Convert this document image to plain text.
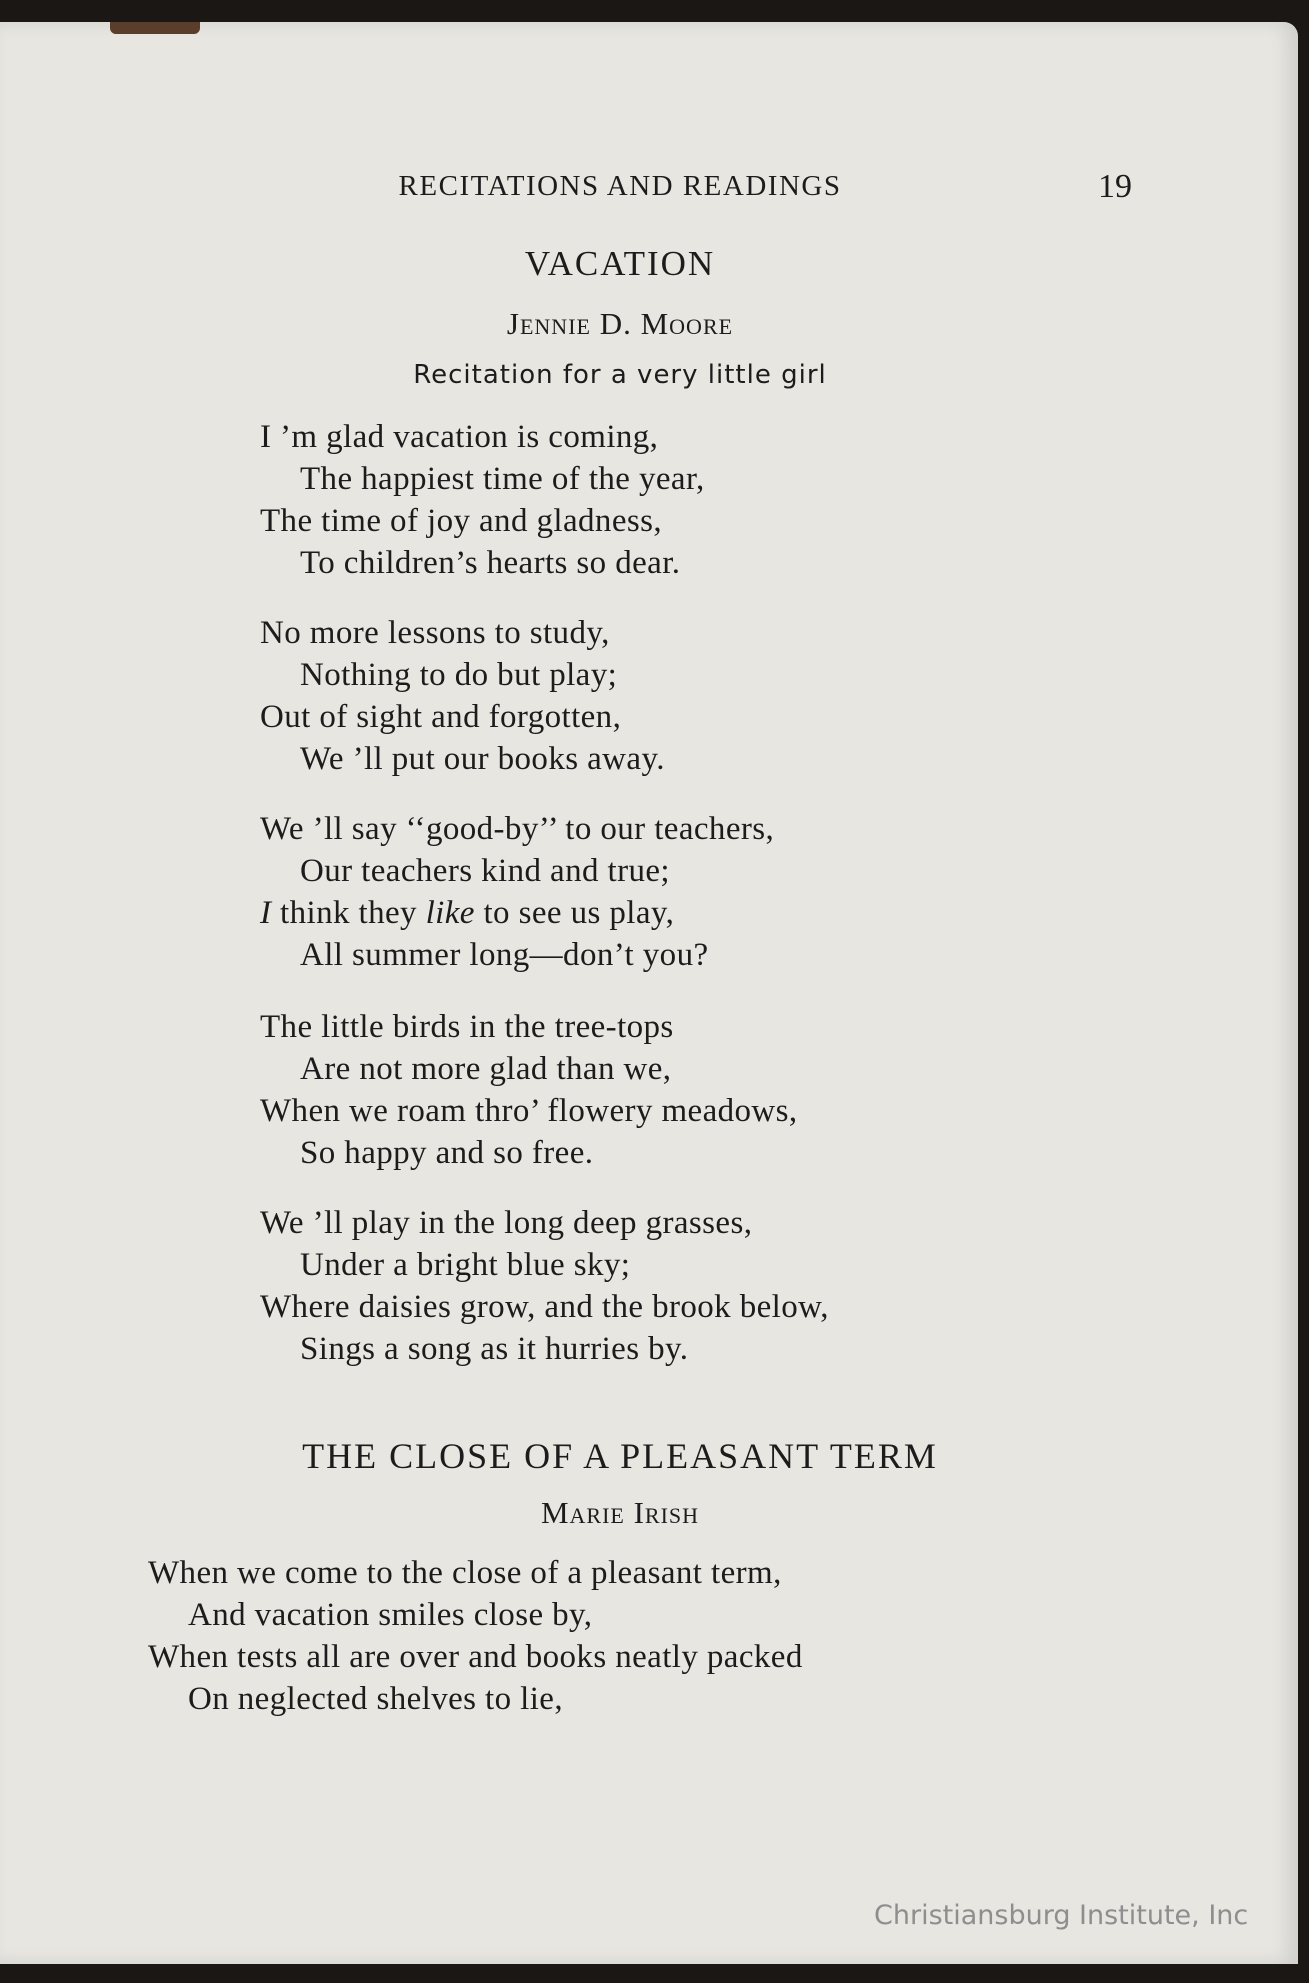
RECITATIONS AND READINGS	19
VACATION
Jennie D. Moore
Recitation for a very little girl
I ’m glad vacation is coming,
The happiest time of the year,
The time of joy and gladness,
To children’s hearts so dear.
No more lessons to study,
Nothing to do but play;
Out of sight and forgotten,
We ’ll put our books away.
We ’ll say ‘‘good-by’’ to our teachers,
Our teachers kind and true;
I think they like to see us play,
All summer long—don’t you?
The little birds in the tree-tops
Are not more glad than we,
When we roam thro’ flowery meadows,
So happy and so free.
We ’ll play in the long deep grasses,
Under a bright blue sky;
Where daisies grow, and the brook below,
Sings a song as it hurries by.
THE CLOSE OF A PLEASANT TERM
Marie Irish
When we come to the close of a pleasant term,
And vacation smiles close by,
When tests all are over and books neatly packed
On neglected shelves to lie,
Christiansburg Institute, Inc
